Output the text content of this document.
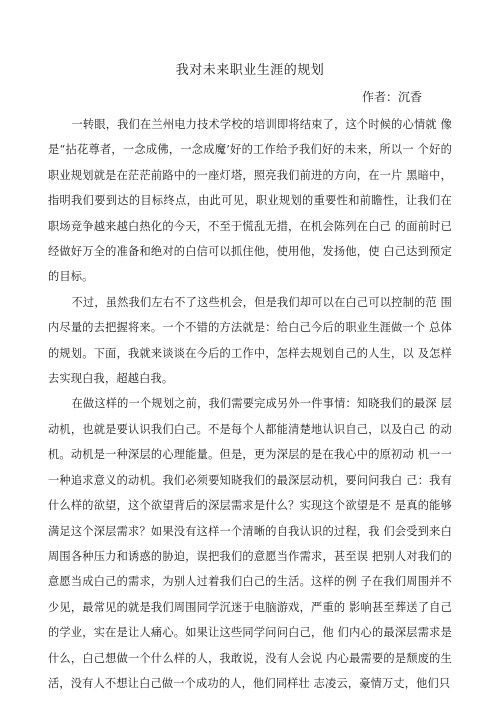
我对未来职业生涯的规划
作者：沉香

一转眼，我们在兰州电力技术学校的培训即将结束了，这个时候的心情就 像是“拈花尊者，一念成佛，一念成魔’好的工作给予我们好的未来，所以一 个好的职业规划就是在茫茫前路中的一座灯塔，照亮我们前进的方向，在一片 黑暗中，指明我们要到达的目标终点，由此可见，职业规划的重要性和前瞻性，让我们在职场竞争越来越白热化的今天，不至于慌乱无措，在机会陈列在白己 的面前时已经做好万全的准备和绝对的白信可以抓住他，使用他，发扬他，使 白己达到预定的目标。

不过，虽然我们左右不了这些机会，但是我们却可以在白己可以控制的范 围内尽量的去把握将来。一个不错的方法就是：给白己今后的职业生涯做一个 总体的规划。下面，我就来谈谈在今后的工作中，怎样去规划自己的人生，以 及怎样去实现白我，超越白我。

在做这样的一个规划之前，我们需要完成另外一件事情：知晓我们的最深 层动机，也就是要认识我们白己。不是每个人都能清楚地认识自己，以及白己 的动机。动机是一种深层的心理能量。但是，更为深层的是在我心中的原初动 机一一一种追求意义的动机。我们必须要知晓我们的最深层动机，要问问我白 己：我有什么样的欲望，这个欲望背后的深层需求是什么？实现这个欲望是不 是真的能够满足这个深层需求？如果没有这样一个清晰的自我认识的过程，我 们会受到来白周围各种压力和诱惑的胁迫，误把我们的意愿当作需求，甚至误 把别人对我们的意愿当成白己的需求，为别人过着我们白己的生活。这样的例 子在我们周围并不少见，最常见的就是我们周围同学沉迷于电脑游戏，严重的 影响甚至葬送了自己的学业，实在是让人痛心。如果让这些同学问问白己，他 们内心的最深层需求是什么，白己想做一个什么样的人，我敢说，没有人会说 内心最需要的是颓废的生活，没有人不想让白己做一个成功的人，他们同样壮 志凌云，豪情万丈，他们只
